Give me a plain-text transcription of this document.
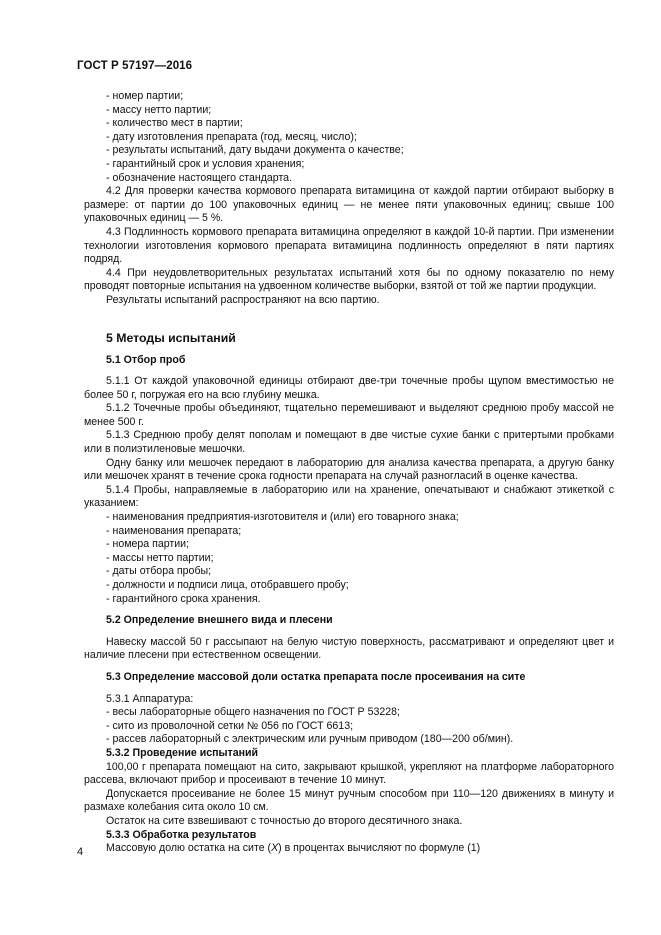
ГОСТ Р 57197—2016

- номер партии;

- массу нетто партии;

- количество мест в партии;

- дату изготовления препарата (год, месяц, число);

- результаты испытаний, дату выдачи документа о качестве;

- гарантийный срок и условия хранения;

- обозначение настоящего стандарта.

4.2 Для проверки качества кормового препарата витамицина от каждой партии отбирают выборку в размере: от партии до 100 упаковочных единиц — не менее пяти упаковочных единиц; свыше 100 упаковочных единиц — 5 %.

4.3 Подлинность кормового препарата витамицина определяют в каждой 10-й партии. При изменении технологии изготовления кормового препарата витамицина подлинность определяют в пяти партиях подряд.

4.4 При неудовлетворительных результатах испытаний хотя бы по одному показателю по нему проводят повторные испытания на удвоенном количестве выборки, взятой от той же партии продукции.

Результаты испытаний распространяют на всю партию.

5 Методы испытаний

5.1 Отбор проб

5.1.1 От каждой упаковочной единицы отбирают две-три точечные пробы щупом вместимостью не более 50 г, погружая его на всю глубину мешка.

5.1.2 Точечные пробы объединяют, тщательно перемешивают и выделяют среднюю пробу массой не менее 500 г.

5.1.3 Среднюю пробу делят пополам и помещают в две чистые сухие банки с притертыми пробками или в полиэтиленовые мешочки.

Одну банку или мешочек передают в лабораторию для анализа качества препарата, а другую банку или мешочек хранят в течение срока годности препарата на случай разногласий в оценке качества.

5.1.4 Пробы, направляемые в лабораторию или на хранение, опечатывают и снабжают этикеткой с указанием:

- наименования предприятия-изготовителя и (или) его товарного знака;

- наименования препарата;

- номера партии;

- массы нетто партии;

- даты отбора пробы;

- должности и подписи лица, отобравшего пробу;

- гарантийного срока хранения.

5.2 Определение внешнего вида и плесени

Навеску массой 50 г рассыпают на белую чистую поверхность, рассматривают и определяют цвет и наличие плесени при естественном освещении.

5.3 Определение массовой доли остатка препарата после просеивания на сите

5.3.1 Аппаратура:

- весы лабораторные общего назначения по ГОСТ Р 53228;

- сито из проволочной сетки № 056 по ГОСТ 6613;

- рассев лабораторный с электрическим или ручным приводом (180—200 об/мин).

5.3.2 Проведение испытаний

100,00 г препарата помещают на сито, закрывают крышкой, укрепляют на платформе лабораторного рассева, включают прибор и просеивают в течение 10 минут.

Допускается просеивание не более 15 минут ручным способом при 110—120 движениях в минуту и размахе колебания сита около 10 см.

Остаток на сите взвешивают с точностью до второго десятичного знака.

5.3.3 Обработка результатов

Массовую долю остатка на сите (X) в процентах вычисляют по формуле (1)

4
